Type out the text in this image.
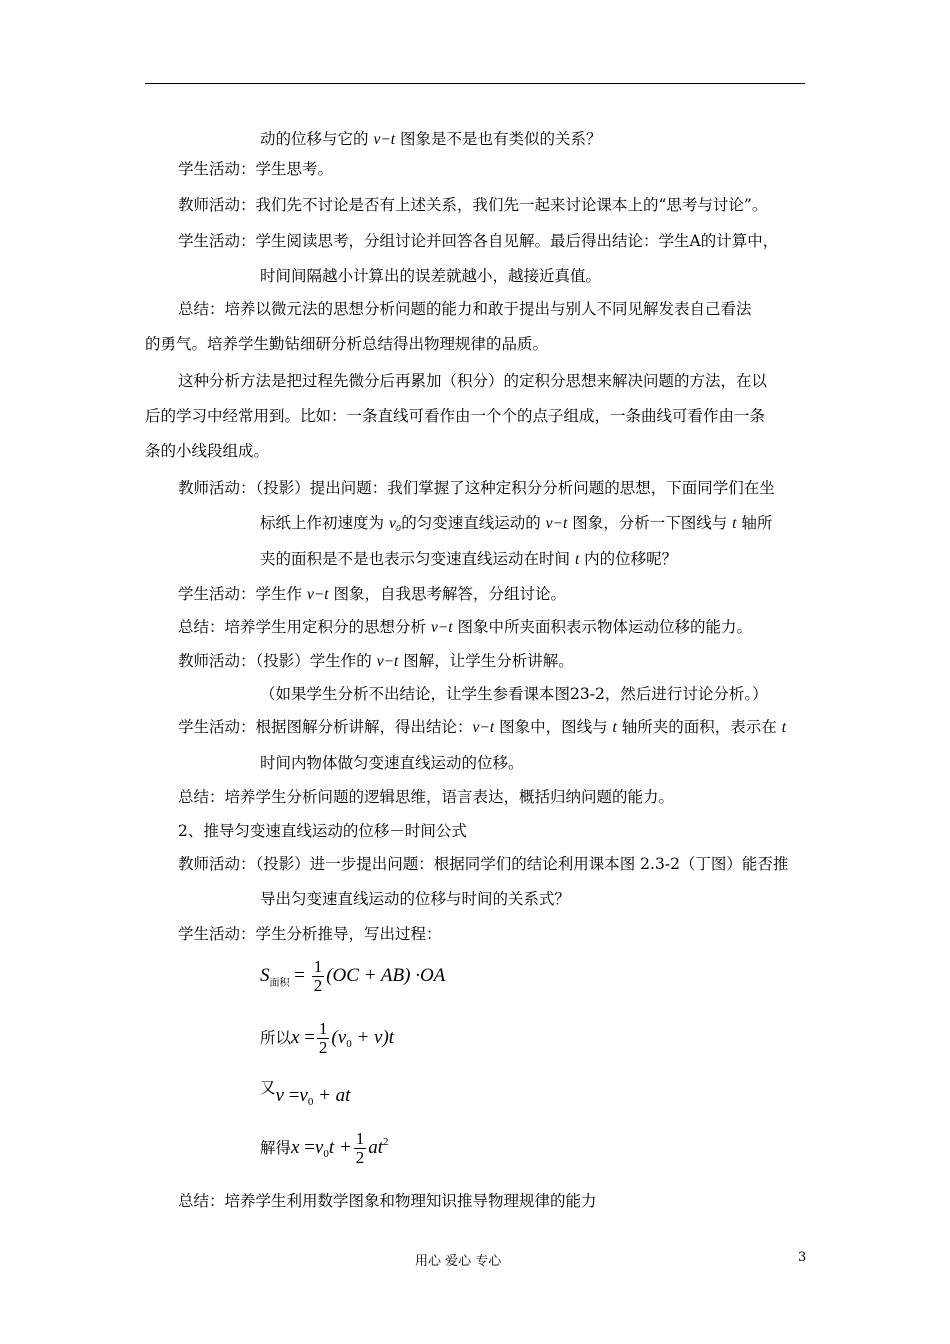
动的位移与它的 v−t 图象是不是也有类似的关系？
学生活动：学生思考。
教师活动：我们先不讨论是否有上述关系，我们先一起来讨论课本上的“思考与讨论”。
学生活动：学生阅读思考，分组讨论并回答各自见解。最后得出结论：学生A的计算中，
时间间隔越小计算出的误差就越小，越接近真值。
总结：培养以微元法的思想分析问题的能力和敢于提出与别人不同见解发表自己看法
的勇气。培养学生勤钻细研分析总结得出物理规律的品质。
这种分析方法是把过程先微分后再累加（积分）的定积分思想来解决问题的方法，在以
后的学习中经常用到。比如：一条直线可看作由一个个的点子组成，一条曲线可看作由一条
条的小线段组成。
教师活动：（投影）提出问题：我们掌握了这种定积分分析问题的思想，下面同学们在坐
标纸上作初速度为 v₀的匀变速直线运动的 v−t 图象，分析一下图线与 t 轴所
夹的面积是不是也表示匀变速直线运动在时间 t 内的位移呢？
学生活动：学生作 v−t 图象，自我思考解答，分组讨论。
总结：培养学生用定积分的思想分析 v−t 图象中所夹面积表示物体运动位移的能力。
教师活动：（投影）学生作的 v−t 图解，让学生分析讲解。
（如果学生分析不出结论，让学生参看课本图23-2，然后进行讨论分析。）
学生活动：根据图解分析讲解，得出结论：v−t 图象中，图线与 t 轴所夹的面积，表示在 t
时间内物体做匀变速直线运动的位移。
总结：培养学生分析问题的逻辑思维，语言表达，概括归纳问题的能力。
2、推导匀变速直线运动的位移－时间公式
教师活动：（投影）进一步提出问题：根据同学们的结论利用课本图 2.3-2（丁图）能否推
导出匀变速直线运动的位移与时间的关系式？
学生活动：学生分析推导，写出过程：
$S_{面积} = \frac{1}{2} (OC + AB) \cdot OA$
所以$x = \frac{1}{2} (v_0 + v)t$
$^又v =v_0$ + at
解得$x =v_0t + \frac{1}{2} at^2$
总结：培养学生利用数学图象和物理知识推导物理规律的能力
用心 爱心 专心	3
